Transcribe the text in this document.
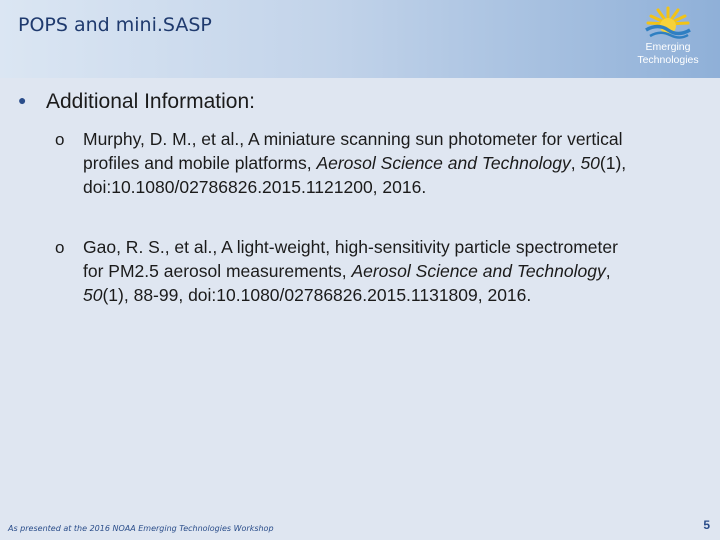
POPS and mini.SASP
Emerging
Technologies
● Additional Information:
o Murphy, D. M., et al., A miniature scanning sun photometer for vertical profiles and mobile platforms, Aerosol Science and Technology, 50(1), doi:10.1080/02786826.2015.1121200, 2016.
o Gao, R. S., et al., A light-weight, high-sensitivity particle spectrometer for PM2.5 aerosol measurements, Aerosol Science and Technology, 50(1), 88-99, doi:10.1080/02786826.2015.1131809, 2016.
As presented at the 2016 NOAA Emerging Technologies Workshop	5
